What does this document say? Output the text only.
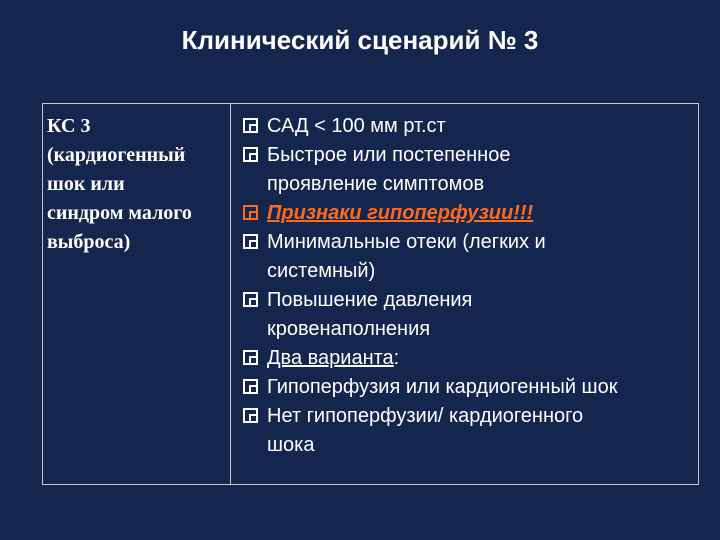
Клинический сценарий № 3
КС 3
(кардиогенный
шок или
синдром малого
выброса)
САД < 100 мм рт.ст
Быстрое или постепенное
проявление симптомов
Признаки гипоперфузии!!!
Минимальные отеки (легких и
системный)
Повышение давления
кровенаполнения
Два варианта:
Гипоперфузия или кардиогенный шок
Нет гипоперфузии/ кардиогенного
шока
